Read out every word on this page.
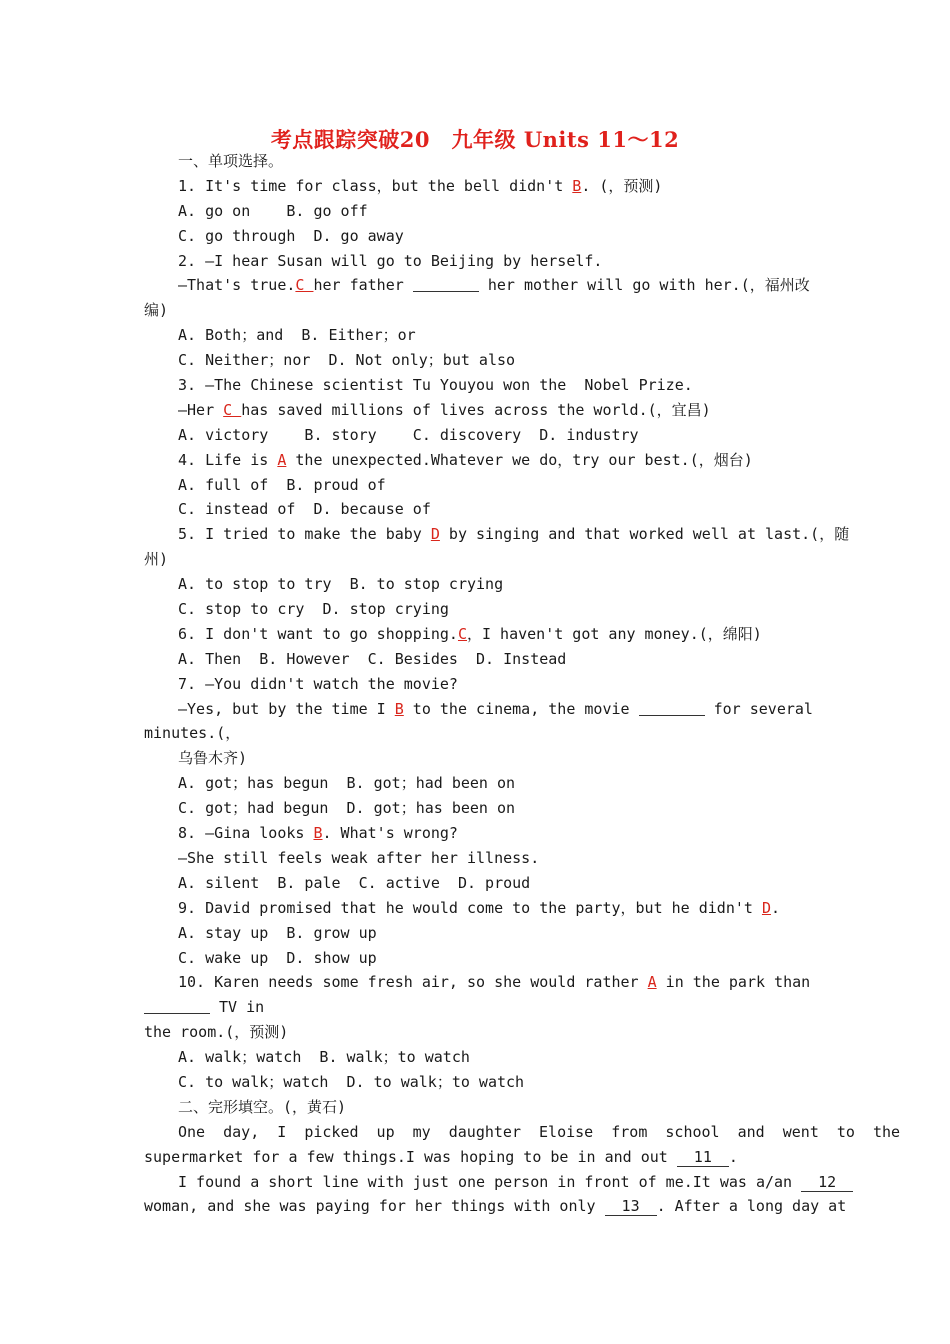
考点跟踪突破20　九年级 Units 11～12
一、单项选择。
1. It's time for class，but the bell didn't B. (，预测)
A. go on    B. go off
C. go through  D. go away
2. —I hear Susan will go to Beijing by herself.
—That's true. C her father	her mother will go with her.(，福州改
编)
A. Both；and  B. Either；or
C. Neither；nor  D. Not only；but also
3. —The Chinese scientist Tu Youyou won the  Nobel Prize.
—Her C has saved millions of lives across the world.(，宜昌)
A. victory    B. story    C. discovery  D. industry
4. Life is A the unexpected.Whatever we do，try our best.(，烟台)
A. full of  B. proud of
C. instead of  D. because of
5. I tried to make the baby D by singing and that worked well at last.(，随
州)
A. to stop to try  B. to stop crying
C. stop to cry  D. stop crying
6. I don't want to go shopping.C，I haven't got any money.(，绵阳)
A. Then  B. However  C. Besides  D. Instead
7. —You didn't watch the movie?
—Yes, but by the time I B to the cinema, the movie	for several
minutes.(，
乌鲁木齐)
A. got；has begun  B. got；had been on
C. got；had begun  D. got；has been on
8. —Gina looks B. What's wrong?
—She still feels weak after her illness.
A. silent  B. pale  C. active  D. proud
9. David promised that he would come to the party，but he didn't D.
A. stay up  B. grow up
C. wake up  D. show up
10. Karen needs some fresh air, so she would rather A in the park than
TV in
the room.(，预测)
A. walk；watch  B. walk；to watch
C. to walk；watch  D. to walk；to watch
二、完形填空。(，黄石)
One day, I picked up my daughter Eloise from school and went to the
supermarket for a few things.I was hoping to be in and out 11 .
I found a short line with just one person in front of me.It was a/an 12
woman, and she was paying for her things with only 13 . After a long day at
